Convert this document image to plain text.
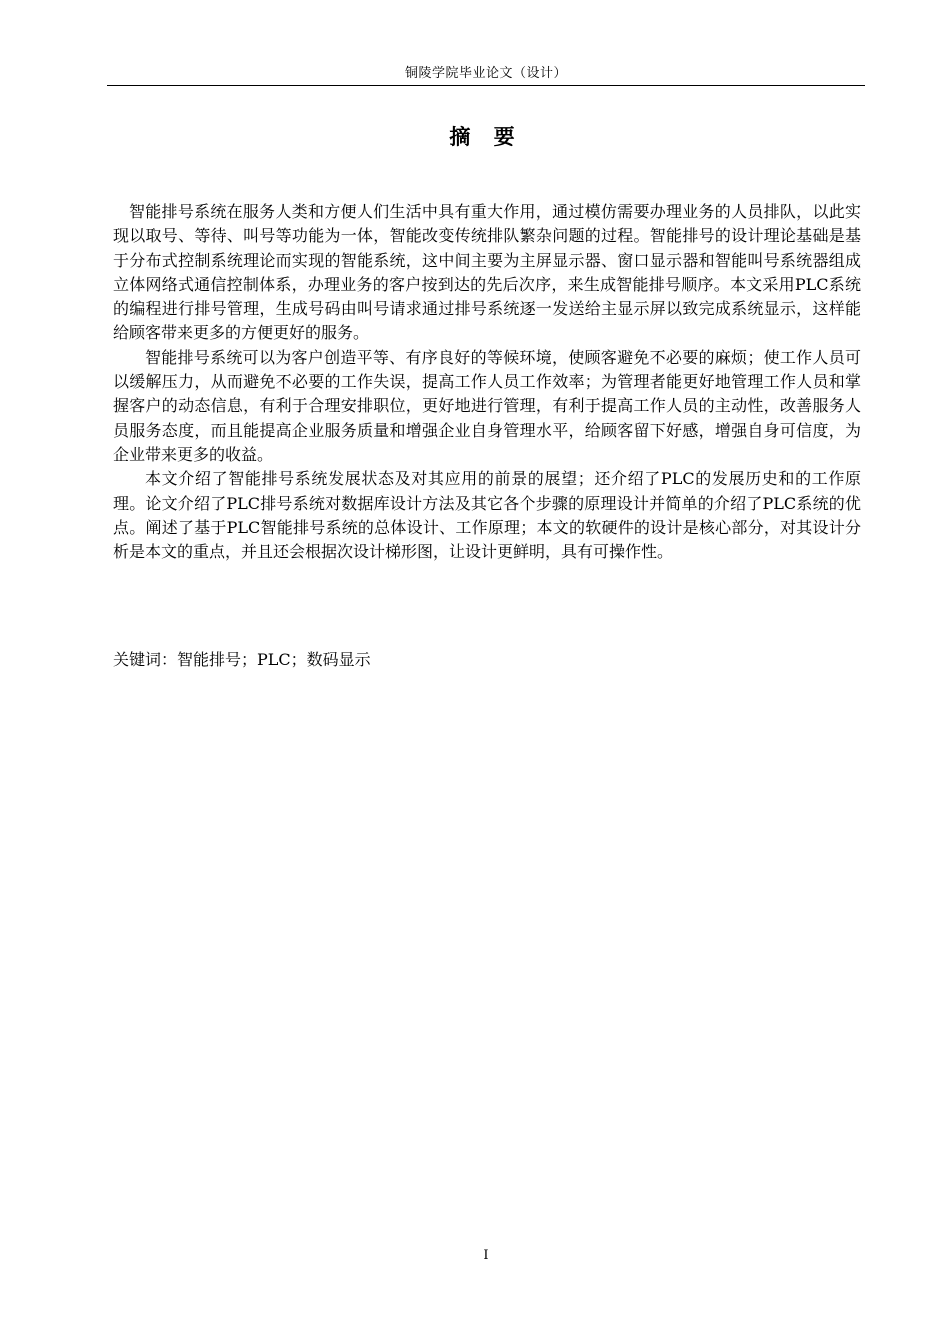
铜陵学院毕业论文（设计）
摘 要

智能排号系统在服务人类和方便人们生活中具有重大作用，通过模仿需要办理业务的人员排队，以此实现以取号、等待、叫号等功能为一体，智能改变传统排队繁杂问题的过程。智能排号的设计理论基础是基于分布式控制系统理论而实现的智能系统，这中间主要为主屏显示器、窗口显示器和智能叫号系统器组成立体网络式通信控制体系，办理业务的客户按到达的先后次序，来生成智能排号顺序。本文采用PLC系统的编程进行排号管理，生成号码由叫号请求通过排号系统逐一发送给主显示屏以致完成系统显示，这样能给顾客带来更多的方便更好的服务。

智能排号系统可以为客户创造平等、有序良好的等候环境，使顾客避免不必要的麻烦；使工作人员可以缓解压力，从而避免不必要的工作失误，提高工作人员工作效率；为管理者能更好地管理工作人员和掌握客户的动态信息，有利于合理安排职位，更好地进行管理，有利于提高工作人员的主动性，改善服务人员服务态度，而且能提高企业服务质量和增强企业自身管理水平，给顾客留下好感，增强自身可信度，为企业带来更多的收益。

本文介绍了智能排号系统发展状态及对其应用的前景的展望；还介绍了PLC的发展历史和的工作原理。论文介绍了PLC排号系统对数据库设计方法及其它各个步骤的原理设计并简单的介绍了PLC系统的优点。阐述了基于PLC智能排号系统的总体设计、工作原理；本文的软硬件的设计是核心部分，对其设计分析是本文的重点，并且还会根据次设计梯形图，让设计更鲜明，具有可操作性。

关键词：智能排号；PLC；数码显示
I
